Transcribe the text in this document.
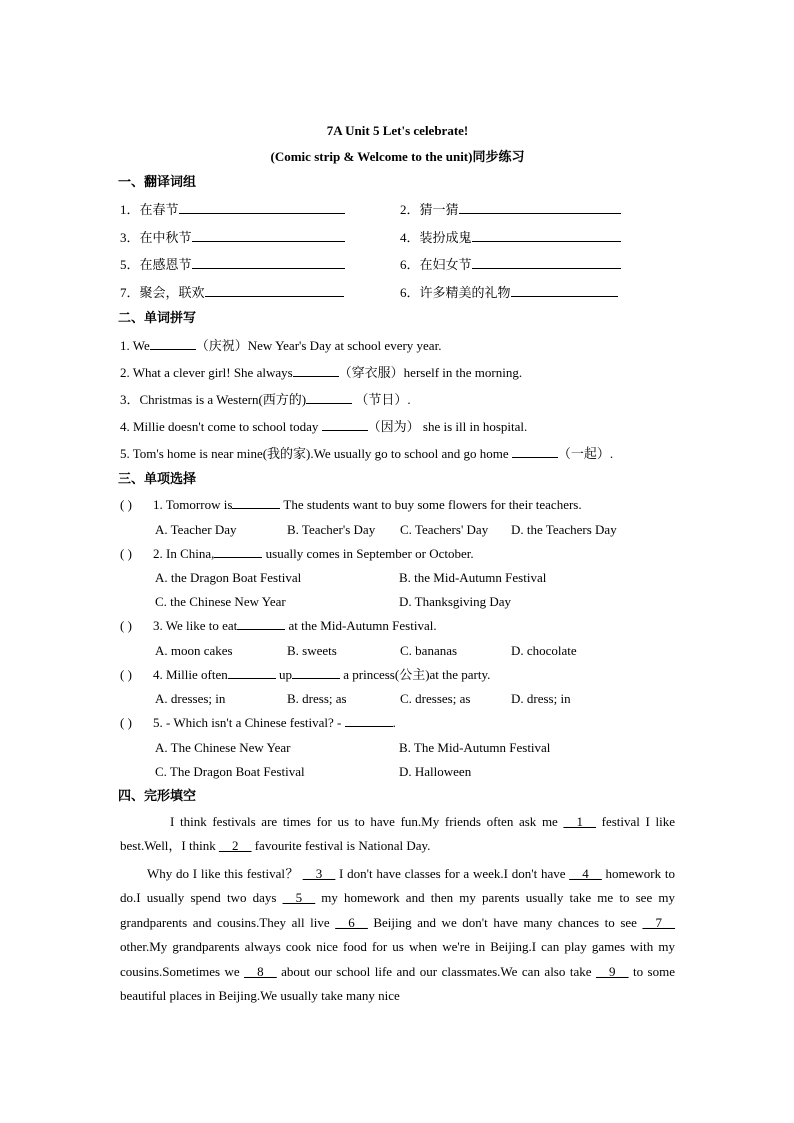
7A Unit 5 Let's celebrate!
(Comic strip & Welcome to the unit)同步练习
一、翻译词组
1．在春节	2．猜一猜
3．在中秋节	4．装扮成鬼
5．在感恩节	6．在妇女节
7．聚会，联欢	6．许多精美的礼物
二、单词拼写
1. We	（庆祝）New Year's Day at school every year.
2. What a clever girl! She always	（穿衣服）herself in the morning.
3．Christmas is a Western(西方的)	（节日）.
4. Millie doesn't come to school today	（因为） she is ill in hospital.
5. Tom's home is near mine(我的家).We usually go to school and go home	（一起）.
三、单项选择
( ) 1. Tomorrow is	The students want to buy some flowers for their teachers.
A. Teacher Day	B. Teacher's Day	C. Teachers' Day	D. the Teachers Day
( ) 2. In China,	usually comes in September or October.
A. the Dragon Boat Festival	B. the Mid-Autumn Festival
C. the Chinese New Year	D. Thanksgiving Day
( ) 3. We like to eat	at the Mid-Autumn Festival.
A. moon cakes	B. sweets	C. bananas	D. chocolate
( ) 4. Millie often	up	a princess(公主)at the party.
A. dresses; in	B. dress; as	C. dresses; as	D. dress; in
( ) 5. - Which isn't a Chinese festival? -	.
A. The Chinese New Year	B. The Mid-Autumn Festival
C. The Dragon Boat Festival	D. Halloween
四、完形填空
I think festivals are times for us to have fun.My friends often ask me __1__ festival I like best.Well，I think __2__ favourite festival is National Day.
Why do I like this festival？ __3__ I don't have classes for a week.I don't have __4__ homework to do.I usually spend two days __5__ my homework and then my parents usually take me to see my grandparents and cousins.They all live __6__ Beijing and we don't have many chances to see __7__ other.My grandparents always cook nice food for us when we're in Beijing.I can play games with my cousins.Sometimes we __8__ about our school life and our classmates.We can also take __9__ to some beautiful places in Beijing.We usually take many nice
